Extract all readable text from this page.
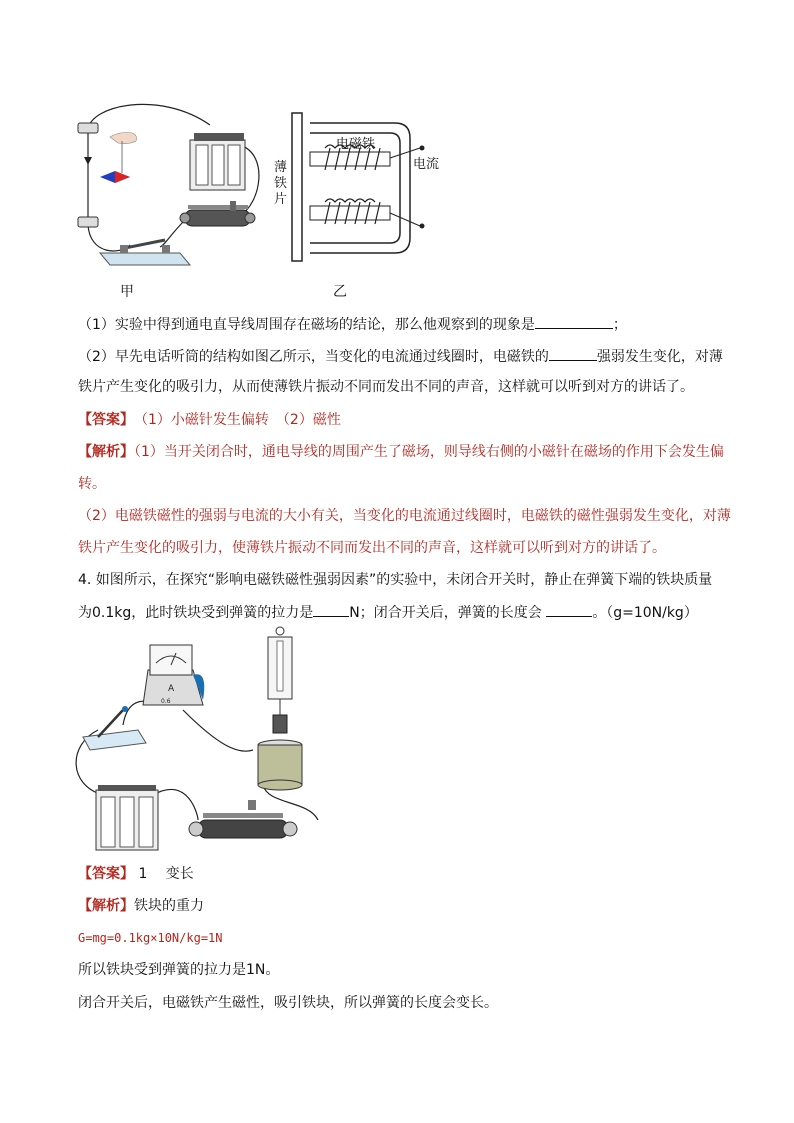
甲
电磁铁
电流
薄
铁
片
乙
（1）实验中得到通电直导线周围存在磁场的结论，那么他观察到的现象是	；
（2）早先电话听筒的结构如图乙所示，当变化的电流通过线圈时，电磁铁的	强弱发生变化，对薄
铁片产生变化的吸引力，从而使薄铁片振动不同而发出不同的声音，这样就可以听到对方的讲话了。
【答案】　 （1）小磁针发生偏转　（2）磁性
【解析】（1）当开关闭合时，通电导线的周围产生了磁场，则导线右侧的小磁针在磁场的作用下会发生偏
转。
（2）电磁铁磁性的强弱与电流的大小有关，当变化的电流通过线圈时，电磁铁的磁性强弱发生变化，对薄
铁片产生变化的吸引力，使薄铁片振动不同而发出不同的声音，这样就可以听到对方的讲话了。
4. 如图所示，在探究“影响电磁铁磁性强弱因素”的实验中，未闭合开关时，静止在弹簧下端的铁块质量
为0.1kg，此时铁块受到弹簧的拉力是	N；闭合开关后，弹簧的长度会	。（g=10N/kg）
A
0.6
【答案】 1　 变长
【解析】铁块的重力
G=mg=0.1kg×10N/kg=1N
所以铁块受到弹簧的拉力是1N。
闭合开关后，电磁铁产生磁性，吸引铁块，所以弹簧的长度会变长。
